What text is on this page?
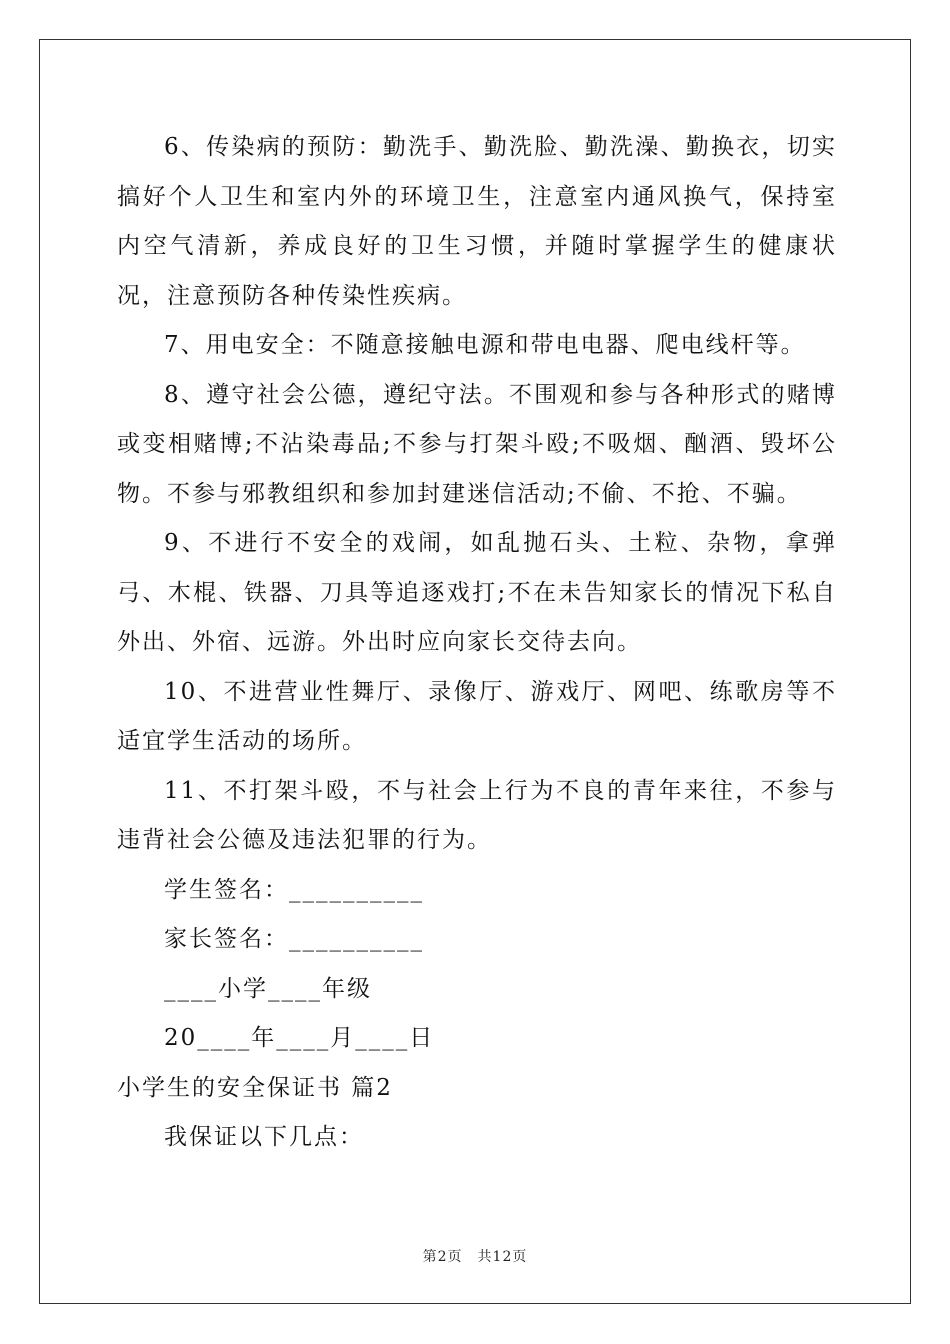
6、传染病的预防：勤洗手、勤洗脸、勤洗澡、勤换衣，切实搞好个人卫生和室内外的环境卫生，注意室内通风换气，保持室内空气清新，养成良好的卫生习惯，并随时掌握学生的健康状况，注意预防各种传染性疾病。

7、用电安全：不随意接触电源和带电电器、爬电线杆等。

8、遵守社会公德，遵纪守法。不围观和参与各种形式的赌博或变相赌博;不沾染毒品;不参与打架斗殴;不吸烟、酗酒、毁坏公物。不参与邪教组织和参加封建迷信活动;不偷、不抢、不骗。

9、不进行不安全的戏闹，如乱抛石头、土粒、杂物，拿弹弓、木棍、铁器、刀具等追逐戏打;不在未告知家长的情况下私自外出、外宿、远游。外出时应向家长交待去向。

10、不进营业性舞厅、录像厅、游戏厅、网吧、练歌房等不适宜学生活动的场所。

11、不打架斗殴，不与社会上行为不良的青年来往，不参与违背社会公德及违法犯罪的行为。

学生签名：__________

家长签名：__________

____小学____年级

20____年____月____日

小学生的安全保证书 篇2

我保证以下几点：

第2页　共12页
